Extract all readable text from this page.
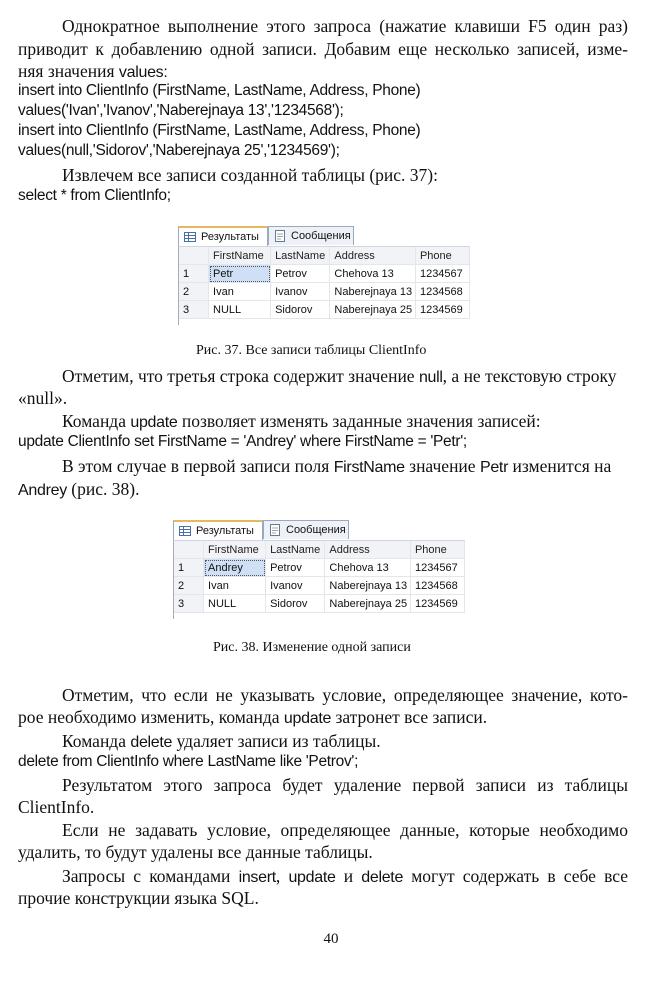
Однократное выполнение этого запроса (нажатие клавиши F5 один раз)
приводит к добавлению одной записи. Добавим еще несколько записей, изме-
няя значения values:
insert into ClientInfo (FirstName, LastName, Address, Phone)
values('Ivan','Ivanov','Naberejnaya 13','1234568');
insert into ClientInfo (FirstName, LastName, Address, Phone)
values(null,'Sidorov','Naberejnaya 25','1234569');
Извлечем все записи созданной таблицы (рис. 37):
select * from ClientInfo;
Результаты	Сообщения
	FirstName	LastName	Address	Phone
1	Petr	Petrov	Chehova 13	1234567
2	Ivan	Ivanov	Naberejnaya 13	1234568
3	NULL	Sidorov	Naberejnaya 25	1234569
Рис. 37. Все записи таблицы ClientInfo
Отметим, что третья строка содержит значение null, а не текстовую строку
«null».
Команда update позволяет изменять заданные значения записей:
update ClientInfo set FirstName = 'Andrey' where FirstName = 'Petr';
В этом случае в первой записи поля FirstName значение Petr изменится на
Andrey (рис. 38).
Результаты	Сообщения
	FirstName	LastName	Address	Phone
1	Andrey	Petrov	Chehova 13	1234567
2	Ivan	Ivanov	Naberejnaya 13	1234568
3	NULL	Sidorov	Naberejnaya 25	1234569
Рис. 38. Изменение одной записи
Отметим, что если не указывать условие, определяющее значение, кото-
рое необходимо изменить, команда update затронет все записи.
Команда delete удаляет записи из таблицы.
delete from ClientInfo where LastName like 'Petrov';
Результатом этого запроса будет удаление первой записи из таблицы
ClientInfo.
Если не задавать условие, определяющее данные, которые необходимо
удалить, то будут удалены все данные таблицы.
Запросы с командами insert, update и delete могут содержать в себе все
прочие конструкции языка SQL.
40
